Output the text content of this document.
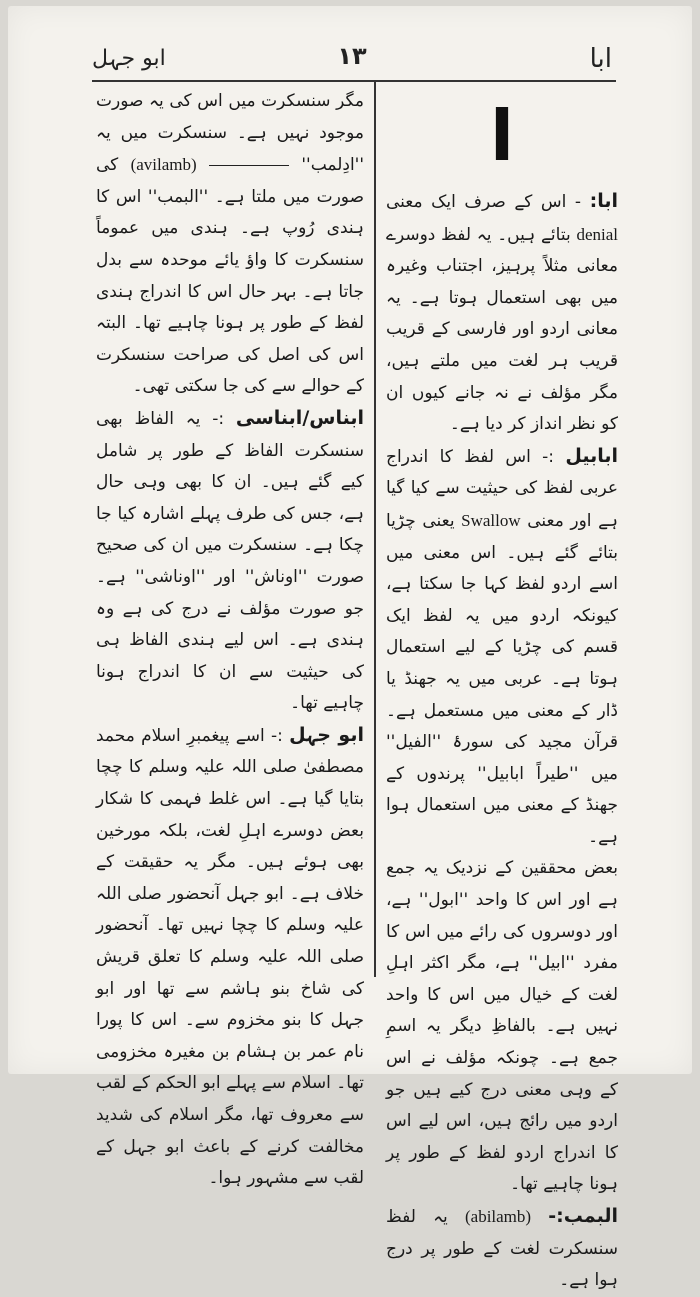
ابا
۱۳
ابو جہل

ا

ابا: - اس کے صرف ایک معنی denial بتائے ہیں۔ یہ لفظ دوسرے معانی مثلاً پرہیز، اجتناب وغیرہ میں بھی استعمال ہوتا ہے۔ یہ معانی اردو اور فارسی کے قریب قریب ہر لغت میں ملتے ہیں، مگر مؤلف نے نہ جانے کیوں ان کو نظر انداز کر دیا ہے۔

ابابیل :- اس لفظ کا اندراج عربی لفظ کی حیثیت سے کیا گیا ہے اور معنی Swallow یعنی چڑیا بتائے گئے ہیں۔ اس معنی میں اسے اردو لفظ کہا جا سکتا ہے، کیونکہ اردو میں یہ لفظ ایک قسم کی چڑیا کے لیے استعمال ہوتا ہے۔ عربی میں یہ جھنڈ یا ڈار کے معنی میں مستعمل ہے۔ قرآن مجید کی سورۂ ''الفیل'' میں ''طیراً ابابیل'' پرندوں کے جھنڈ کے معنی میں استعمال ہوا ہے۔

بعض محققین کے نزدیک یہ جمع ہے اور اس کا واحد ''ابول'' ہے، اور دوسروں کی رائے میں اس کا مفرد ''ابیل'' ہے، مگر اکثر اہلِ لغت کے خیال میں اس کا واحد نہیں ہے۔ بالفاظِ دیگر یہ اسمِ جمع ہے۔ چونکہ مؤلف نے اس کے وہی معنی درج کیے ہیں جو اردو میں رائج ہیں، اس لیے اس کا اندراج اردو لفظ کے طور پر ہونا چاہیے تھا۔

البمب:- (abilamb) یہ لفظ سنسکرت لغت کے طور پر درج ہوا ہے۔

مگر سنسکرت میں اس کی یہ صورت موجود نہیں ہے۔ سنسکرت میں یہ ''ادِلمب''  (avilamb) کی صورت میں ملتا ہے۔ ''البمب'' اس کا ہندی رُوپ ہے۔ ہندی میں عموماً سنسکرت کا واؤ یائے موحدہ سے بدل جاتا ہے۔ بہر حال اس کا اندراج ہندی لفظ کے طور پر ہونا چاہیے تھا۔ البتہ اس کی اصل کی صراحت سنسکرت کے حوالے سے کی جا سکتی تھی۔

ابناس/ابناسی :- یہ الفاظ بھی سنسکرت الفاظ کے طور پر شامل کیے گئے ہیں۔ ان کا بھی وہی حال ہے، جس کی طرف پہلے اشارہ کیا جا چکا ہے۔ سنسکرت میں ان کی صحیح صورت ''اوناش'' اور ''اوناشی'' ہے۔ جو صورت مؤلف نے درج کی ہے وہ ہندی ہے۔ اس لیے ہندی الفاظ ہی کی حیثیت سے ان کا اندراج ہونا چاہیے تھا۔

ابو جہل :- اسے پیغمبرِ اسلام محمد مصطفیٰ صلی اللہ علیہ وسلم کا چچا بتایا گیا ہے۔ اس غلط فہمی کا شکار بعض دوسرے اہلِ لغت، بلکہ مورخین بھی ہوئے ہیں۔ مگر یہ حقیقت کے خلاف ہے۔ ابو جہل آنحضور صلی اللہ علیہ وسلم کا چچا نہیں تھا۔ آنحضور صلی اللہ علیہ وسلم کا تعلق قریش کی شاخ بنو ہاشم سے تھا اور ابو جہل کا بنو مخزوم سے۔ اس کا پورا نام عمر بن ہشام بن مغیرہ مخزومی تھا۔ اسلام سے پہلے ابو الحکم کے لقب سے معروف تھا، مگر اسلام کی شدید مخالفت کرنے کے باعث ابو جہل کے لقب سے مشہور ہوا۔
